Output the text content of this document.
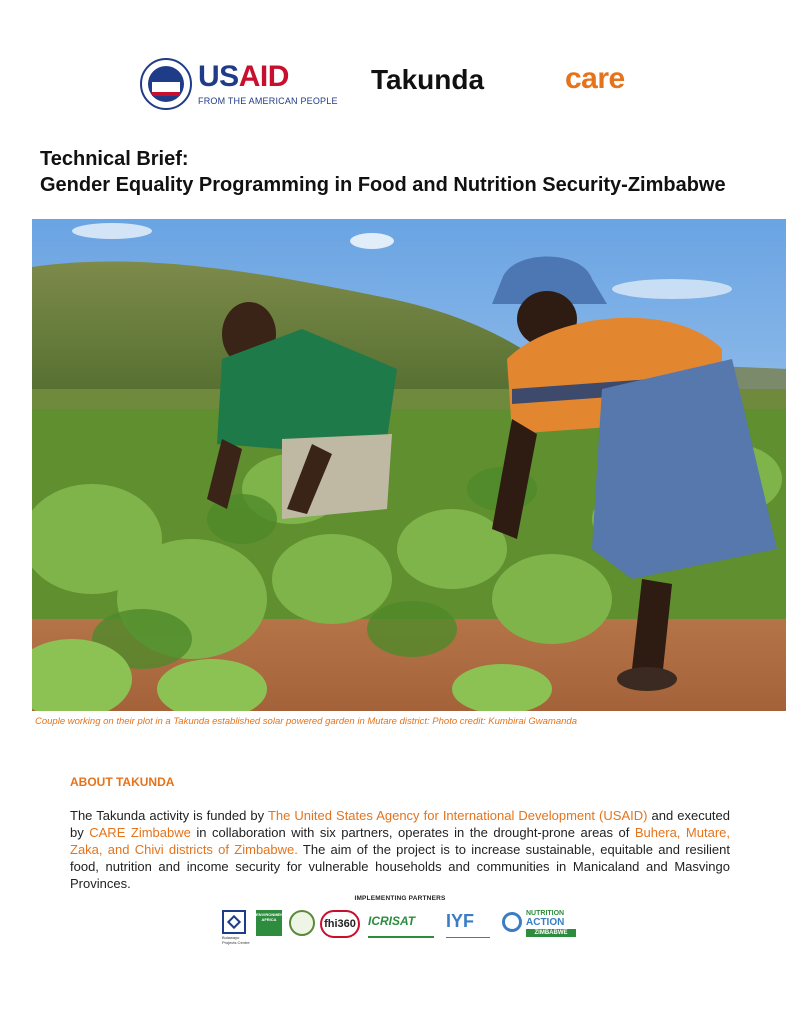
USAID
FROM THE AMERICAN PEOPLE
Takunda	care
Technical Brief:
Gender Equality Programming in Food and Nutrition Security-Zimbabwe
Couple working on their plot in a Takunda established solar powered garden in Mutare district: Photo credit: Kumbirai Gwamanda
ABOUT TAKUNDA
The Takunda activity is funded by The United States Agency for International Development (USAID) and executed by CARE Zimbabwe in collaboration with six partners, operates in the drought-prone areas of Buhera, Mutare, Zaka, and Chivi districts of Zimbabwe. The aim of the project is to increase sustainable, equitable and resilient food, nutrition and income security for vulnerable households and communities in Manicaland and Masvingo Provinces.
IMPLEMENTING PARTNERS
Bulawayo Projects Centre
ENVIRONMENT AFRICA	fhi360	ICRISAT	IYF	NUTRITION
ACTION
ZIMBABWE
